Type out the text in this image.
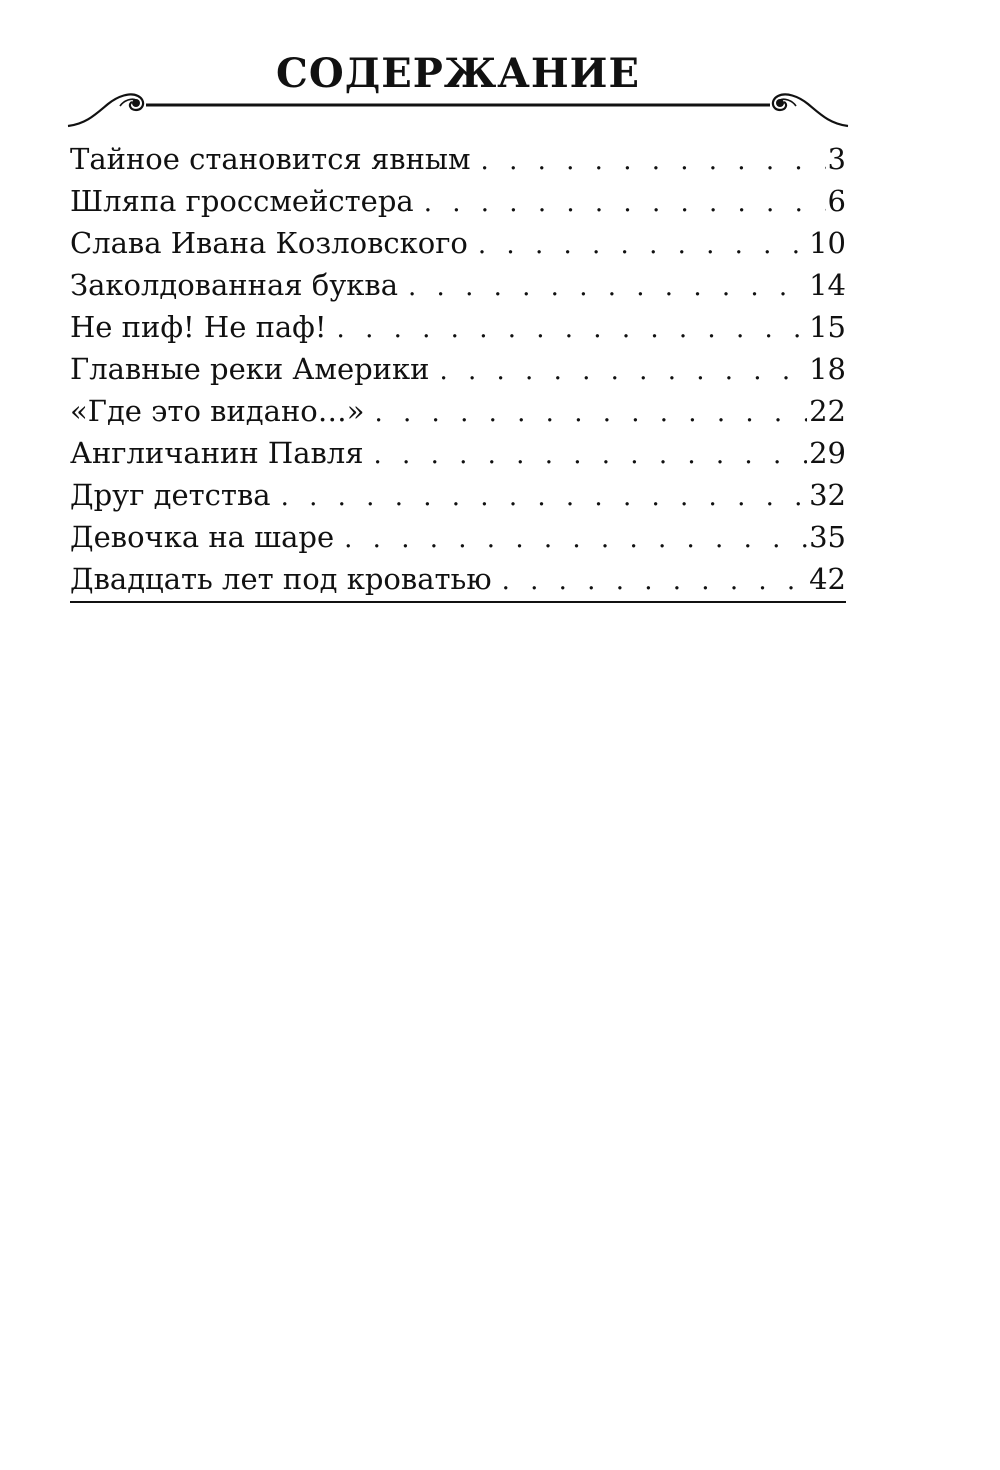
СОДЕРЖАНИЕ
Тайное становится явным . . .	3
Шляпа гроссмейстера . . .	6
Слава Ивана Козловского . . .	10
Заколдованная буква . . .	14
Не пиф! Не паф! . . .	15
Главные реки Америки . . .	18
«Где это видано…» . . .	22
Англичанин Павля . . .	29
Друг детства . . .	32
Девочка на шаре . . .	35
Двадцать лет под кроватью . . .	42
